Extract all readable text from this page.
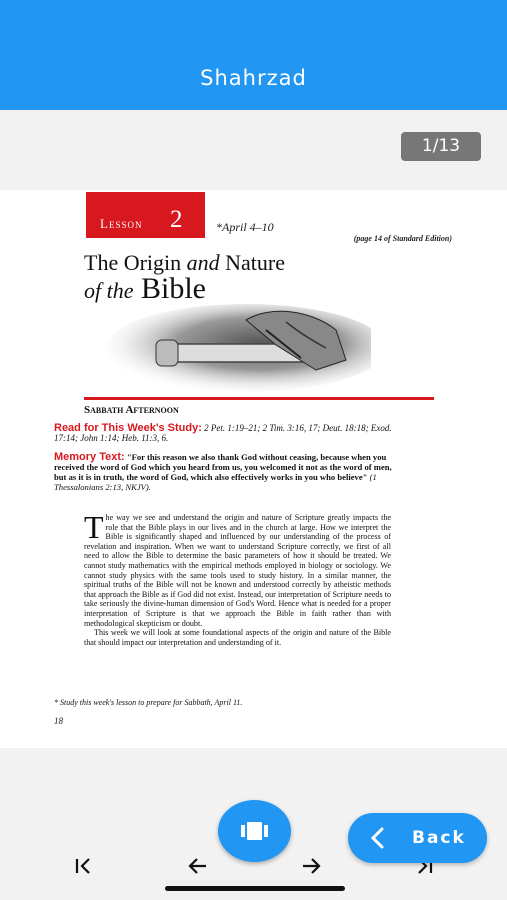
Shahrzad
1/13
Lesson 2	*April 4–10
(page 14 of Standard Edition)
The Origin and Nature
of the Bible
Sabbath Afternoon
Read for This Week's Study: 2 Pet. 1:19–21; 2 Tim. 3:16, 17; Deut. 18:18; Exod. 17:14; John 1:14; Heb. 11:3, 6.
Memory Text: "For this reason we also thank God without ceasing, because when you received the word of God which you heard from us, you welcomed it not as the word of men, but as it is in truth, the word of God, which also effectively works in you who believe" (1 Thessalonians 2:13, NKJV).

The way we see and understand the origin and nature of Scripture greatly impacts the role that the Bible plays in our lives and in the church at large. How we interpret the Bible is significantly shaped and influenced by our understanding of the process of revelation and inspiration. When we want to understand Scripture correctly, we first of all need to allow the Bible to determine the basic parameters of how it should be treated. We cannot study mathematics with the empirical methods employed in biology or sociology. We cannot study physics with the same tools used to study history. In a similar manner, the spiritual truths of the Bible will not be known and understood correctly by atheistic methods that approach the Bible as if God did not exist. Instead, our interpretation of Scripture needs to take seriously the divine-human dimension of God's Word. Hence what is needed for a proper interpretation of Scripture is that we approach the Bible in faith rather than with methodological skepticism or doubt.

This week we will look at some foundational aspects of the origin and nature of the Bible that should impact our interpretation and understanding of it.

* Study this week's lesson to prepare for Sabbath, April 11.
18
Back
